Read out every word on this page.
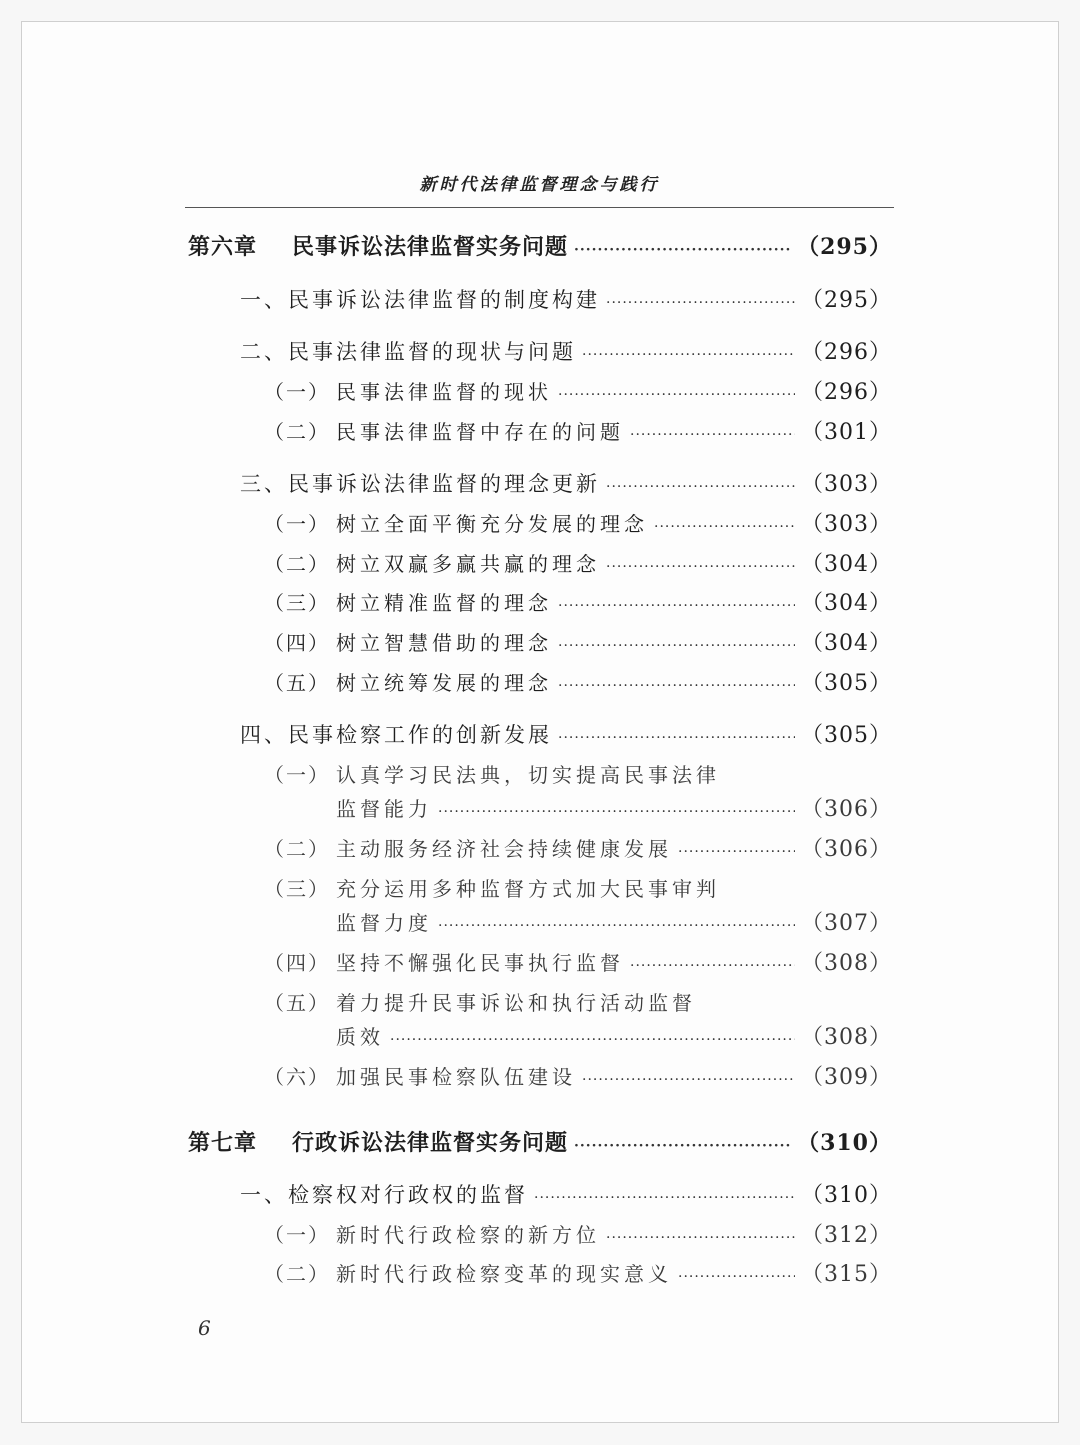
新时代法律监督理念与践行
第六章 民事诉讼法律监督实务问题 ·····	（295）
一、民事诉讼法律监督的制度构建 ·····	（295）
二、民事法律监督的现状与问题 ·····	（296）
（一） 民事法律监督的现状 ·····	（296）
（二） 民事法律监督中存在的问题 ·····	（301）
三、民事诉讼法律监督的理念更新 ·····	（303）
（一） 树立全面平衡充分发展的理念 ·····	（303）
（二） 树立双赢多赢共赢的理念 ·····	（304）
（三） 树立精准监督的理念 ·····	（304）
（四） 树立智慧借助的理念 ·····	（304）
（五） 树立统筹发展的理念 ·····	（305）
四、民事检察工作的创新发展 ·····	（305）
（一） 认真学习民法典，切实提高民事法律
监督能力 ·····	（306）
（二） 主动服务经济社会持续健康发展 ·····	（306）
（三） 充分运用多种监督方式加大民事审判
监督力度 ·····	（307）
（四） 坚持不懈强化民事执行监督 ·····	（308）
（五） 着力提升民事诉讼和执行活动监督
质效 ·····	（308）
（六） 加强民事检察队伍建设 ·····	（309）
第七章 行政诉讼法律监督实务问题 ·····	（310）
一、检察权对行政权的监督 ·····	（310）
（一） 新时代行政检察的新方位 ·····	（312）
（二） 新时代行政检察变革的现实意义 ·····	（315）
6
